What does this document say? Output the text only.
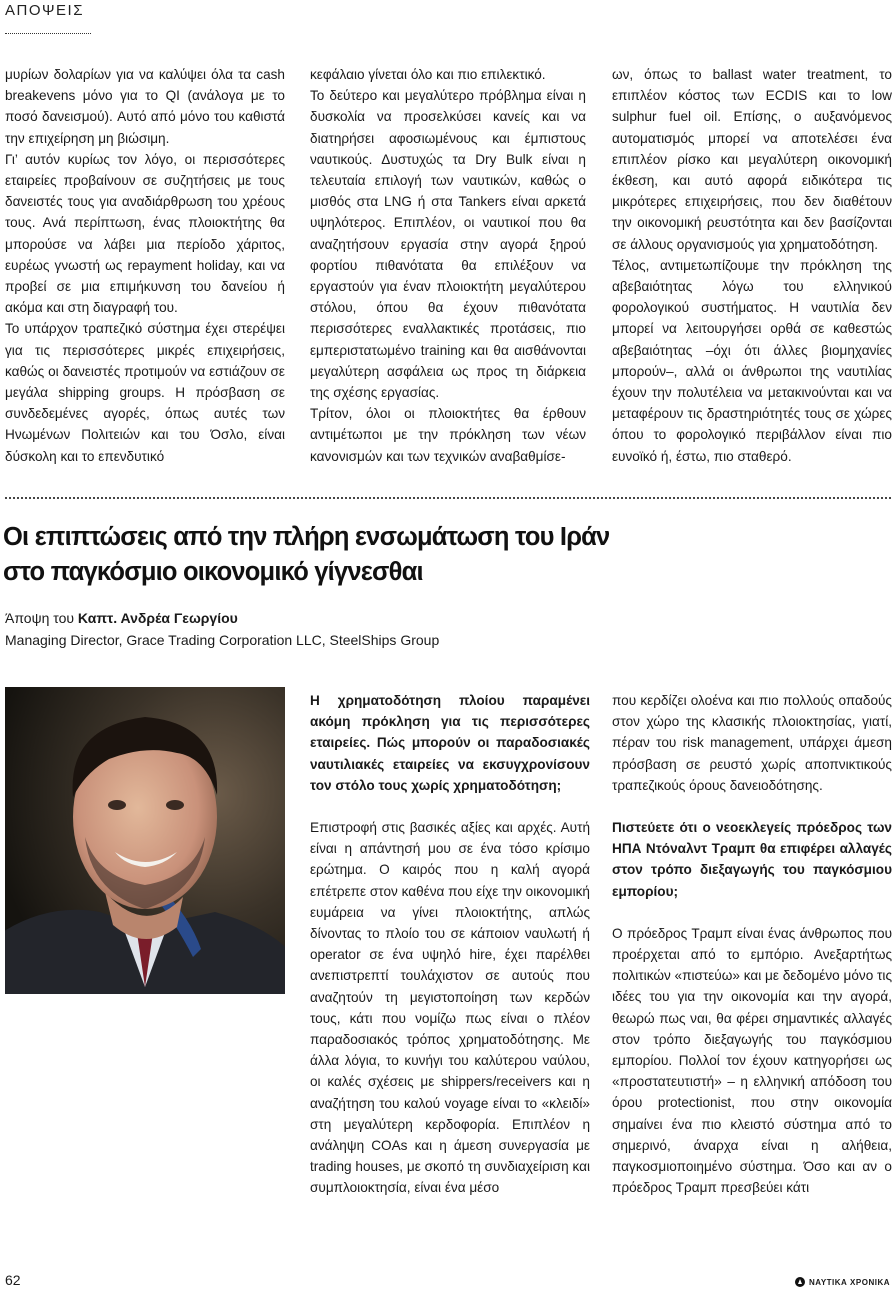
ΑΠΟΨΕΙΣ

μυρίων δολαρίων για να καλύψει όλα τα cash breakevens μόνο για το QI (ανάλογα με το ποσό δανεισμού). Αυτό από μόνο του καθιστά την επιχείρηση μη βιώσιμη.

Γι’ αυτόν κυρίως τον λόγο, οι περισσότερες εταιρείες προβαίνουν σε συζητήσεις με τους δανειστές τους για αναδιάρθρωση του χρέους τους. Ανά περίπτωση, ένας πλοιοκτήτης θα μπορούσε να λάβει μια περίοδο χάριτος, ευρέως γνωστή ως repayment holiday, και να προβεί σε μια επιμήκυνση του δανείου ή ακόμα και στη διαγραφή του.

Το υπάρχον τραπεζικό σύστημα έχει στερέψει για τις περισσότερες μικρές επιχειρήσεις, καθώς οι δανειστές προτιμούν να εστιάζουν σε μεγάλα shipping groups. Η πρόσβαση σε συνδεδεμένες αγορές, όπως αυτές των Ηνωμένων Πολιτειών και του Όσλο, είναι δύσκολη και το επενδυτικό

κεφάλαιο γίνεται όλο και πιο επιλεκτικό.

Το δεύτερο και μεγαλύτερο πρόβλημα είναι η δυσκολία να προσελκύσει κανείς και να διατηρήσει αφοσιωμένους και έμπιστους ναυτικούς. Δυστυχώς τα Dry Bulk είναι η τελευταία επιλογή των ναυτικών, καθώς ο μισθός στα LNG ή στα Tankers είναι αρκετά υψηλότερος. Επιπλέον, οι ναυτικοί που θα αναζητήσουν εργασία στην αγορά ξηρού φορτίου πιθανότατα θα επιλέξουν να εργαστούν για έναν πλοιοκτήτη μεγαλύτερου στόλου, όπου θα έχουν πιθανότατα περισσότερες εναλλακτικές προτάσεις, πιο εμπεριστατωμένο training και θα αισθάνονται μεγαλύτερη ασφάλεια ως προς τη διάρκεια της σχέσης εργασίας.

Τρίτον, όλοι οι πλοιοκτήτες θα έρθουν αντιμέτωποι με την πρόκληση των νέων κανονισμών και των τεχνικών αναβαθμίσε-

ων, όπως το ballast water treatment, το επιπλέον κόστος των ECDIS και το low sulphur fuel oil. Επίσης, ο αυξανόμενος αυτοματισμός μπορεί να αποτελέσει ένα επιπλέον ρίσκο και μεγαλύτερη οικονομική έκθεση, και αυτό αφορά ειδικότερα τις μικρότερες επιχειρήσεις, που δεν διαθέτουν την οικονομική ρευστότητα και δεν βασίζονται σε άλλους οργανισμούς για χρηματοδότηση.

Τέλος, αντιμετωπίζουμε την πρόκληση της αβεβαιότητας λόγω του ελληνικού φορολογικού συστήματος. Η ναυτιλία δεν μπορεί να λειτουργήσει ορθά σε καθεστώς αβεβαιότητας –όχι ότι άλλες βιομηχανίες μπορούν–, αλλά οι άνθρωποι της ναυτιλίας έχουν την πολυτέλεια να μετακινούνται και να μεταφέρουν τις δραστηριότητές τους σε χώρες όπου το φορολογικό περιβάλλον είναι πιο ευνοϊκό ή, έστω, πιο σταθερό.

Οι επιπτώσεις από την πλήρη ενσωμάτωση του Ιράν
στο παγκόσμιο οικονομικό γίγνεσθαι
Άποψη του Καπτ. Ανδρέα Γεωργίου
Managing Director, Grace Trading Corporation LLC, SteelShips Group

Η χρηματοδότηση πλοίου παραμένει ακόμη πρόκληση για τις περισσότερες εταιρείες. Πώς μπορούν οι παραδοσιακές ναυτιλιακές εταιρείες να εκσυγχρονίσουν τον στόλο τους χωρίς χρηματοδότηση;

Επιστροφή στις βασικές αξίες και αρχές. Αυτή είναι η απάντησή μου σε ένα τόσο κρίσιμο ερώτημα. Ο καιρός που η καλή αγορά επέτρεπε στον καθένα που είχε την οικονομική ευμάρεια να γίνει πλοιοκτήτης, απλώς δίνοντας το πλοίο του σε κάποιον ναυλωτή ή operator σε ένα υψηλό hire, έχει παρέλθει ανεπιστρεπτί τουλάχιστον σε αυτούς που αναζητούν τη μεγιστοποίηση των κερδών τους, κάτι που νομίζω πως είναι ο πλέον παραδοσιακός τρόπος χρηματοδότησης. Με άλλα λόγια, το κυνήγι του καλύτερου ναύλου, οι καλές σχέσεις με shippers/receivers και η αναζήτηση του καλού voyage είναι το «κλειδί» στη μεγαλύτερη κερδοφορία. Επιπλέον η ανάληψη COAs και η άμεση συνεργασία με trading houses, με σκοπό τη συνδιαχείριση και συμπλοιοκτησία, είναι ένα μέσο

που κερδίζει ολοένα και πιο πολλούς οπαδούς στον χώρο της κλασικής πλοιοκτησίας, γιατί, πέραν του risk management, υπάρχει άμεση πρόσβαση σε ρευστό χωρίς αποπνικτικούς τραπεζικούς όρους δανειοδότησης.

Πιστεύετε ότι ο νεοεκλεγείς πρόεδρος των ΗΠΑ Ντόναλντ Τραμπ θα επιφέρει αλλαγές στον τρόπο διεξαγωγής του παγκόσμιου εμπορίου;

Ο πρόεδρος Τραμπ είναι ένας άνθρωπος που προέρχεται από το εμπόριο. Ανεξαρτήτως πολιτικών «πιστεύω» και με δεδομένο μόνο τις ιδέες του για την οικονομία και την αγορά, θεωρώ πως ναι, θα φέρει σημαντικές αλλαγές στον τρόπο διεξαγωγής του παγκόσμιου εμπορίου. Πολλοί τον έχουν κατηγορήσει ως «προστατευτιστή» – η ελληνική απόδοση του όρου protectionist, που στην οικονομία σημαίνει ένα πιο κλειστό σύστημα από το σημερινό, άναρχα είναι η αλήθεια, παγκοσμιοποιημένο σύστημα. Όσο και αν ο πρόεδρος Τραμπ πρεσβεύει κάτι

62	ΝΑΥΤΙΚΑ ΧΡΟΝΙΚΑ
